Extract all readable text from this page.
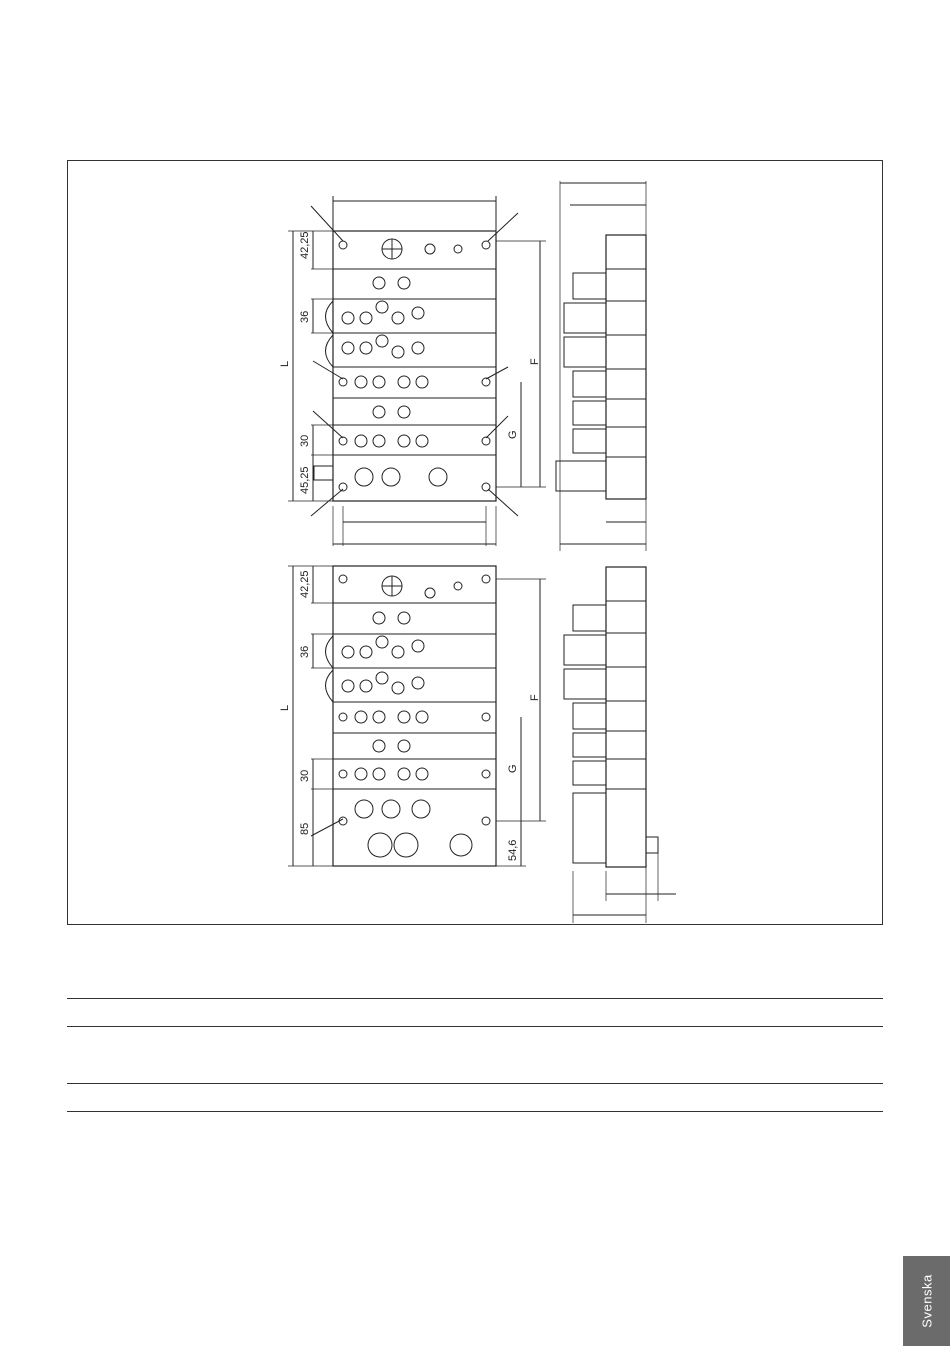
42,25
36
30
45,25
L	F
G
42,25
36
30
85
54,6
L
F
G
Svenska
